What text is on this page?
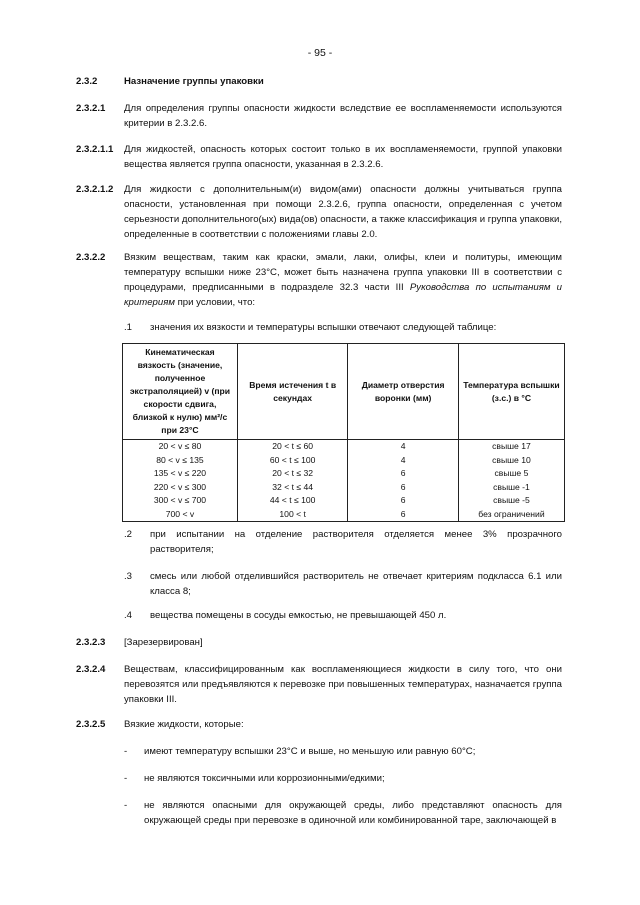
- 95 -
2.3.2	Назначение группы упаковки
2.3.2.1 Для определения группы опасности жидкости вследствие ее воспламеняемости используются критерии в 2.3.2.6.
2.3.2.1.1 Для жидкостей, опасность которых состоит только в их воспламеняемости, группой упаковки вещества является группа опасности, указанная в 2.3.2.6.
2.3.2.1.2 Для жидкости с дополнительным(и) видом(ами) опасности должны учитываться группа опасности, установленная при помощи 2.3.2.6, группа опасности, определенная с учетом серьезности дополнительного(ых) вида(ов) опасности, а также классификация и группа упаковки, определенные в соответствии с положениями главы 2.0.
2.3.2.2 Вязким веществам, таким как краски, эмали, лаки, олифы, клеи и политуры, имеющим температуру вспышки ниже 23°C, может быть назначена группа упаковки III в соответствии с процедурами, предписанными в подразделе 32.3 части III Руководства по испытаниям и критериям при условии, что:
.1 значения их вязкости и температуры вспышки отвечают следующей таблице:
Кинематическая вязкость (значение, полученное экстраполяцией) v (при скорости сдвига, близкой к нулю) мм²/с при 23°C	Время истечения t в секундах	Диаметр отверстия воронки (мм)	Температура вспышки (з.с.) в °C
20 < v ≤ 80	20 < t ≤ 60	4	свыше 17
80 < v ≤ 135	60 < t ≤ 100	4	свыше 10
135 < v ≤ 220	20 < t ≤ 32	6	свыше 5
220 < v ≤ 300	32 < t ≤ 44	6	свыше -1
300 < v ≤ 700	44 < t ≤ 100	6	свыше -5
700 < v	100 < t	6	без ограничений
.2 при испытании на отделение растворителя отделяется менее 3% прозрачного растворителя;
.3 смесь или любой отделившийся растворитель не отвечает критериям подкласса 6.1 или класса 8;
.4 вещества помещены в сосуды емкостью, не превышающей 450 л.
2.3.2.3 [Зарезервирован]
2.3.2.4 Веществам, классифицированным как воспламеняющиеся жидкости в силу того, что они перевозятся или предъявляются к перевозке при повышенных температурах, назначается группа упаковки III.
2.3.2.5 Вязкие жидкости, которые:
- имеют температуру вспышки 23°C и выше, но меньшую или равную 60°C;
- не являются токсичными или коррозионными/едкими;
- не являются опасными для окружающей среды, либо представляют опасность для окружающей среды при перевозке в одиночной или комбинированной таре, заключающей в
